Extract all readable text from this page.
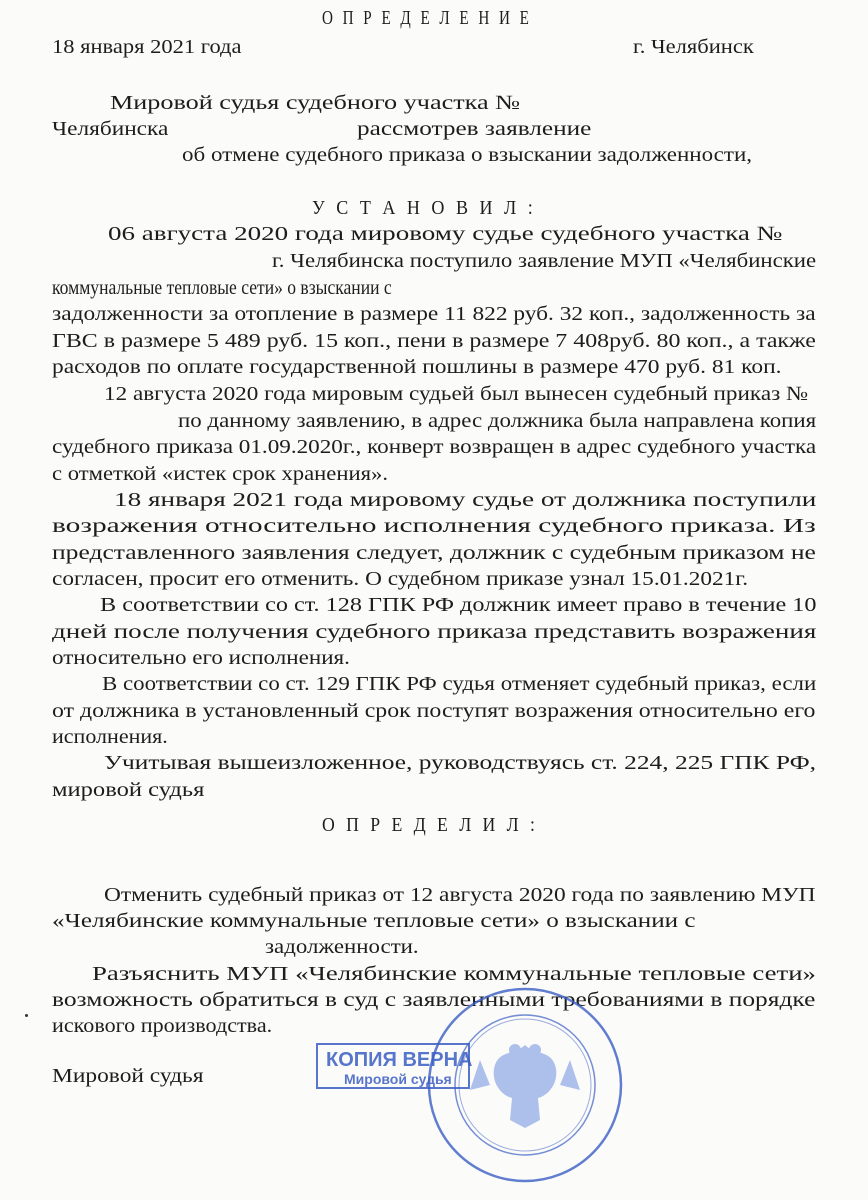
О П Р Е Д Е Л Е Н И Е
18 января 2021 года	г. Челябинск
Мировой судья судебного участка №
Челябинска	рассмотрев заявление
об отмене судебного приказа о взыскании задолженности,
У С Т А Н О В И Л :
06 августа 2020 года мировому судье судебного участка №
г. Челябинска поступило заявление МУП «Челябинские
коммунальные тепловые сети» о взыскании с
задолженности за отопление в размере 11 822 руб. 32 коп., задолженность за
ГВС в размере 5 489 руб. 15 коп., пени в размере 7 408руб. 80 коп., а также
расходов по оплате государственной пошлины в размере 470 руб. 81 коп.
12 августа 2020 года мировым судьей был вынесен судебный приказ №
по данному заявлению, в адрес должника была направлена копия
судебного приказа 01.09.2020г., конверт возвращен в адрес судебного участка
с отметкой «истек срок хранения».
18 января 2021 года мировому судье от должника поступили
возражения относительно исполнения судебного приказа. Из
представленного заявления следует, должник с судебным приказом не
согласен, просит его отменить. О судебном приказе узнал 15.01.2021г.
В соответствии со ст. 128 ГПК РФ должник имеет право в течение 10
дней после получения судебного приказа представить возражения
относительно его исполнения.
В соответствии со ст. 129 ГПК РФ судья отменяет судебный приказ, если
от должника в установленный срок поступят возражения относительно его
исполнения.
Учитывая вышеизложенное, руководствуясь ст. 224, 225 ГПК РФ,
мировой судья
О П Р Е Д Е Л И Л :
Отменить судебный приказ от 12 августа 2020 года по заявлению МУП
«Челябинские коммунальные тепловые сети» о взыскании с
задолженности.
Разъяснить МУП «Челябинские коммунальные тепловые сети»
возможность обратиться в суд с заявленными требованиями в порядке
искового производства.
Мировой судья
КОПИЯ ВЕРНА
Мировой судья
